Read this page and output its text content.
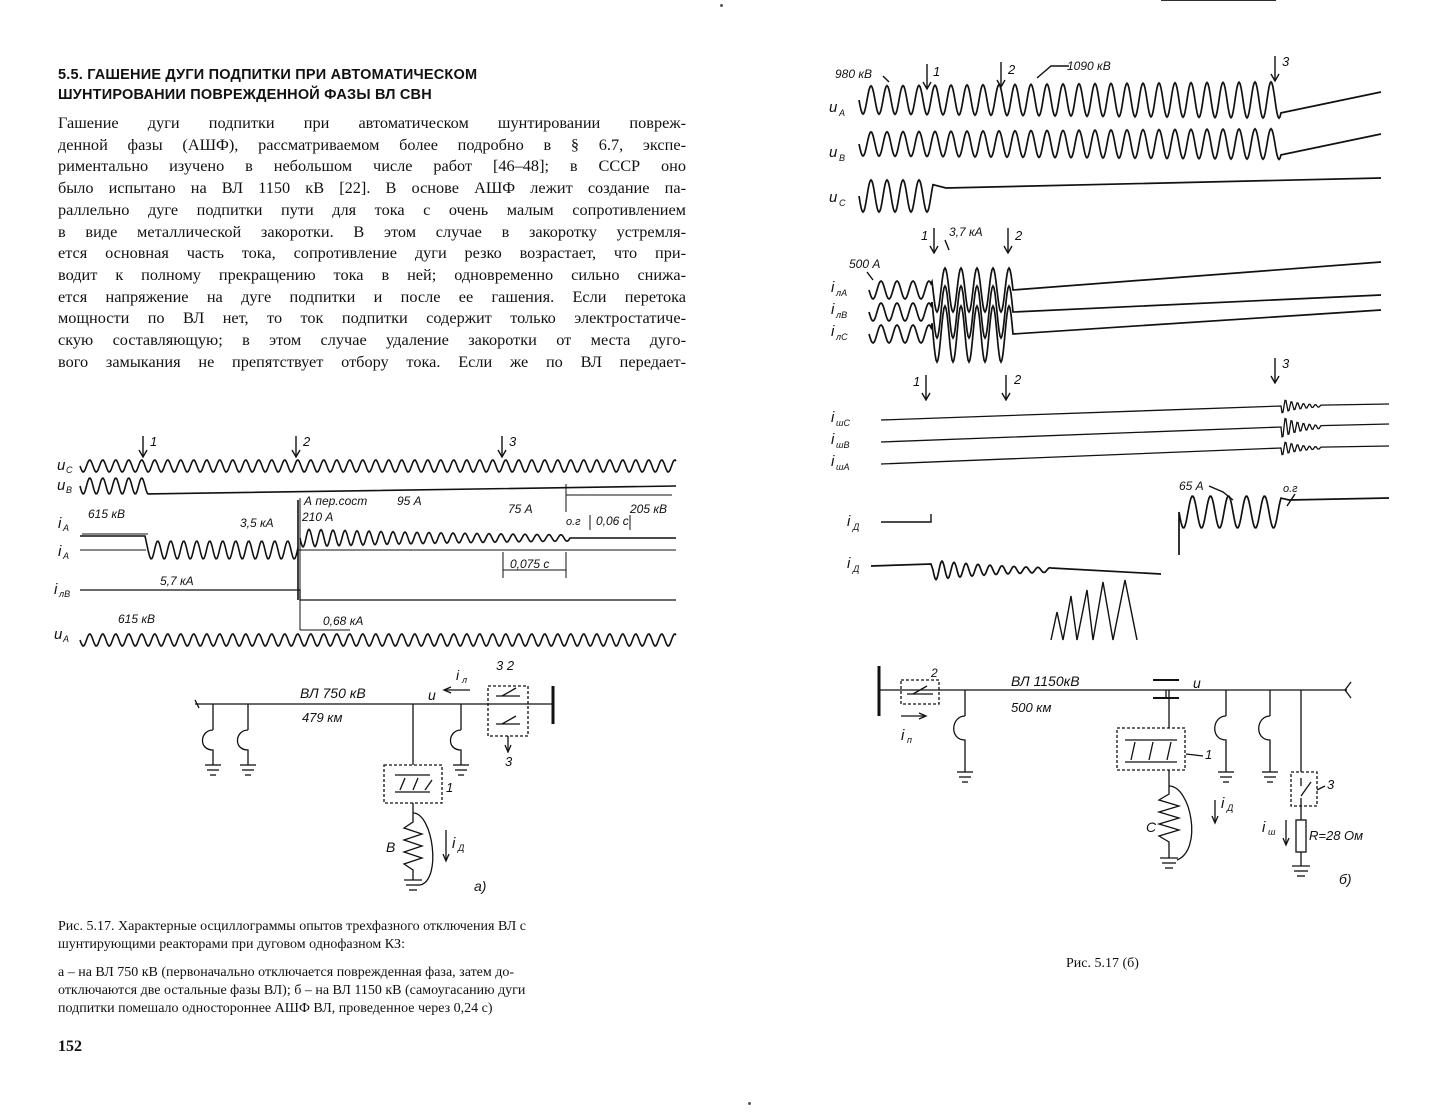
5.5. ГАШЕНИЕ ДУГИ ПОДПИТКИ ПРИ АВТОМАТИЧЕСКОМ
ШУНТИРОВАНИИ ПОВРЕЖДЕННОЙ ФАЗЫ ВЛ СВН
Гашение дуги подпитки при автоматическом шунтировании повреж-
денной фазы (АШФ), рассматриваемом более подробно в § 6.7, экспе-
риментально изучено в небольшом числе работ [46–48]; в СССР оно
было испытано на ВЛ 1150 кВ [22]. В основе АШФ лежит создание па-
раллельно дуге подпитки пути для тока с очень малым сопротивлением
в виде металлической закоротки. В этом случае в закоротку устремля-
ется основная часть тока, сопротивление дуги резко возрастает, что при-
водит к полному прекращению тока в ней; одновременно сильно снижа-
ется напряжение на дуге подпитки и после ее гашения. Если перетока
мощности по ВЛ нет, то ток подпитки содержит только электростатиче-
скую составляющую; в этом случае удаление закоротки от места дуго-
вого замыкания не препятствует отбору тока. Если же по ВЛ передает-
1	2	3
u C
u B
i А
i А
i лВ
u А
615 кВ
3,5 кА
А пер.сост
210 А
95 А
75 А
о.г 0,06 с
205 кВ
0,075 с
5,7 кА
615 кВ	0,68 кА
ВЛ 750 кВ
479 км
u
i л
3 2
3
1
B	i Д
а)
Рис. 5.17. Характерные осциллограммы опытов трехфазного отключения ВЛ с
шунтирующими реакторами при дуговом однофазном КЗ:
а – на ВЛ 750 кВ (первоначально отключается поврежденная фаза, затем до-
отключаются две остальные фазы ВЛ); б – на ВЛ 1150 кВ (самоугасанию дуги
подпитки помешало одностороннее АШФ ВЛ, проведенное через 0,24 с)
152
1	2
3
1	2
1	2
3
980 кВ
1090 кВ
3,7 кА
500 А
65 А	о.г
u A
u B
u C
i лА
i лВ
i лС
i шС
i шВ
i шА
i Д
i Д
2	ВЛ 1150кВ
500 км
u
i п
1
3
C
i Д
i ш	R=28 Ом
б)
Рис. 5.17 (б)
